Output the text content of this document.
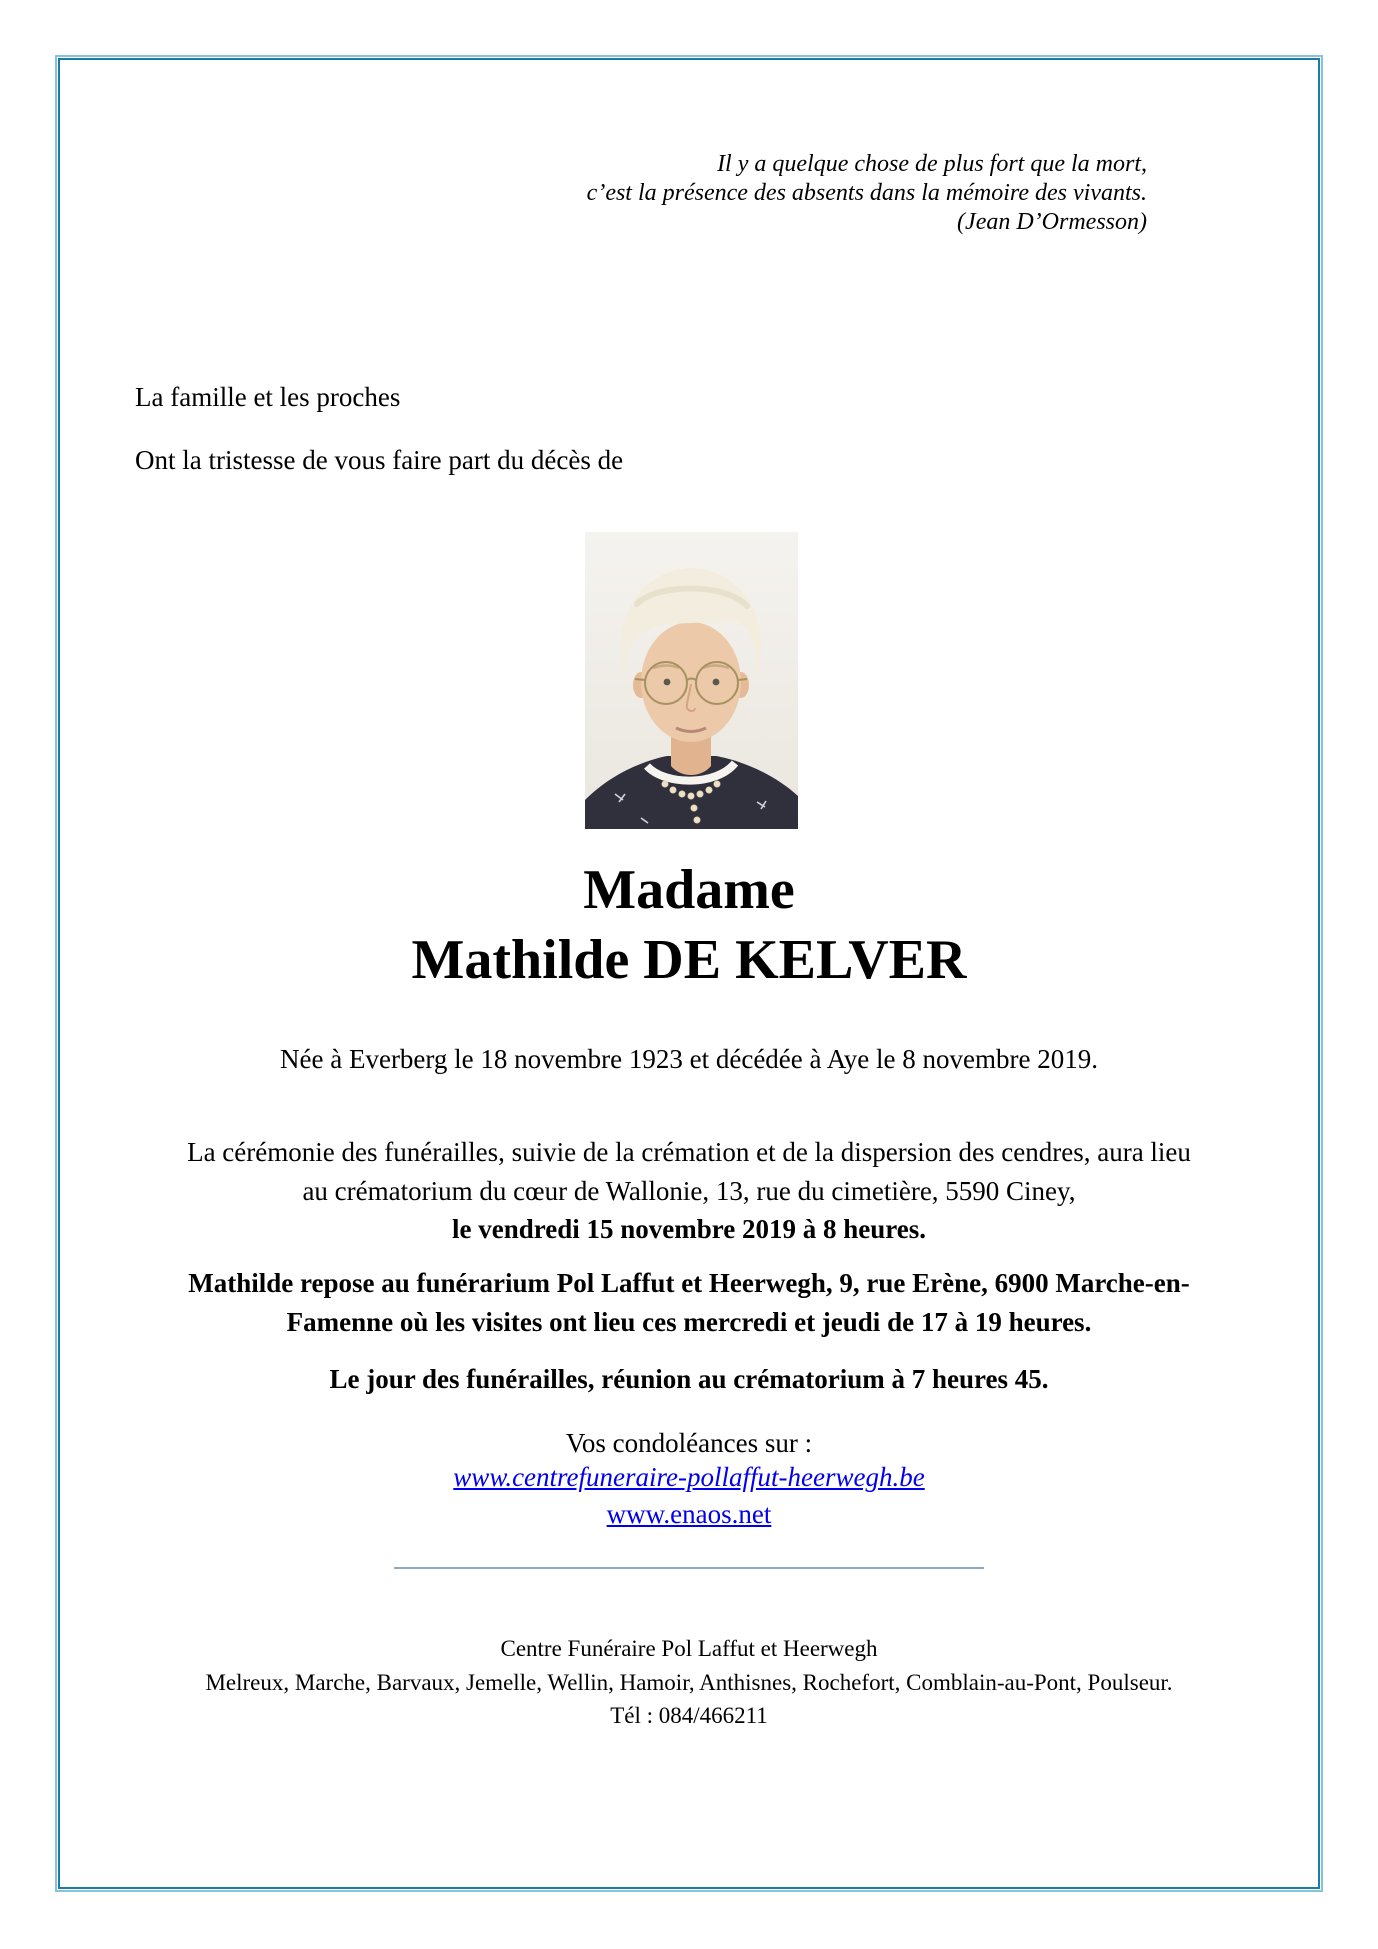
Il y a quelque chose de plus fort que la mort,
c’est la présence des absents dans la mémoire des vivants.
(Jean D’Ormesson)
La famille et les proches
Ont la tristesse de vous faire part du décès de
Madame
Mathilde DE KELVER
Née à Everberg le 18 novembre 1923 et décédée à Aye le 8 novembre 2019.
La cérémonie des funérailles, suivie de la crémation et de la dispersion des cendres, aura lieu
au crématorium du cœur de Wallonie, 13, rue du cimetière, 5590 Ciney,
le vendredi 15 novembre 2019 à 8 heures.
Mathilde repose au funérarium Pol Laffut et Heerwegh, 9, rue Erène, 6900 Marche-en-
Famenne où les visites ont lieu ces mercredi et jeudi de 17 à 19 heures.
Le jour des funérailles, réunion au crématorium à 7 heures 45.
Vos condoléances sur :
www.centrefuneraire-pollaffut-heerwegh.be
www.enaos.net
Centre Funéraire Pol Laffut et Heerwegh
Melreux, Marche, Barvaux, Jemelle, Wellin, Hamoir, Anthisnes, Rochefort, Comblain-au-Pont, Poulseur.
Tél : 084/466211
